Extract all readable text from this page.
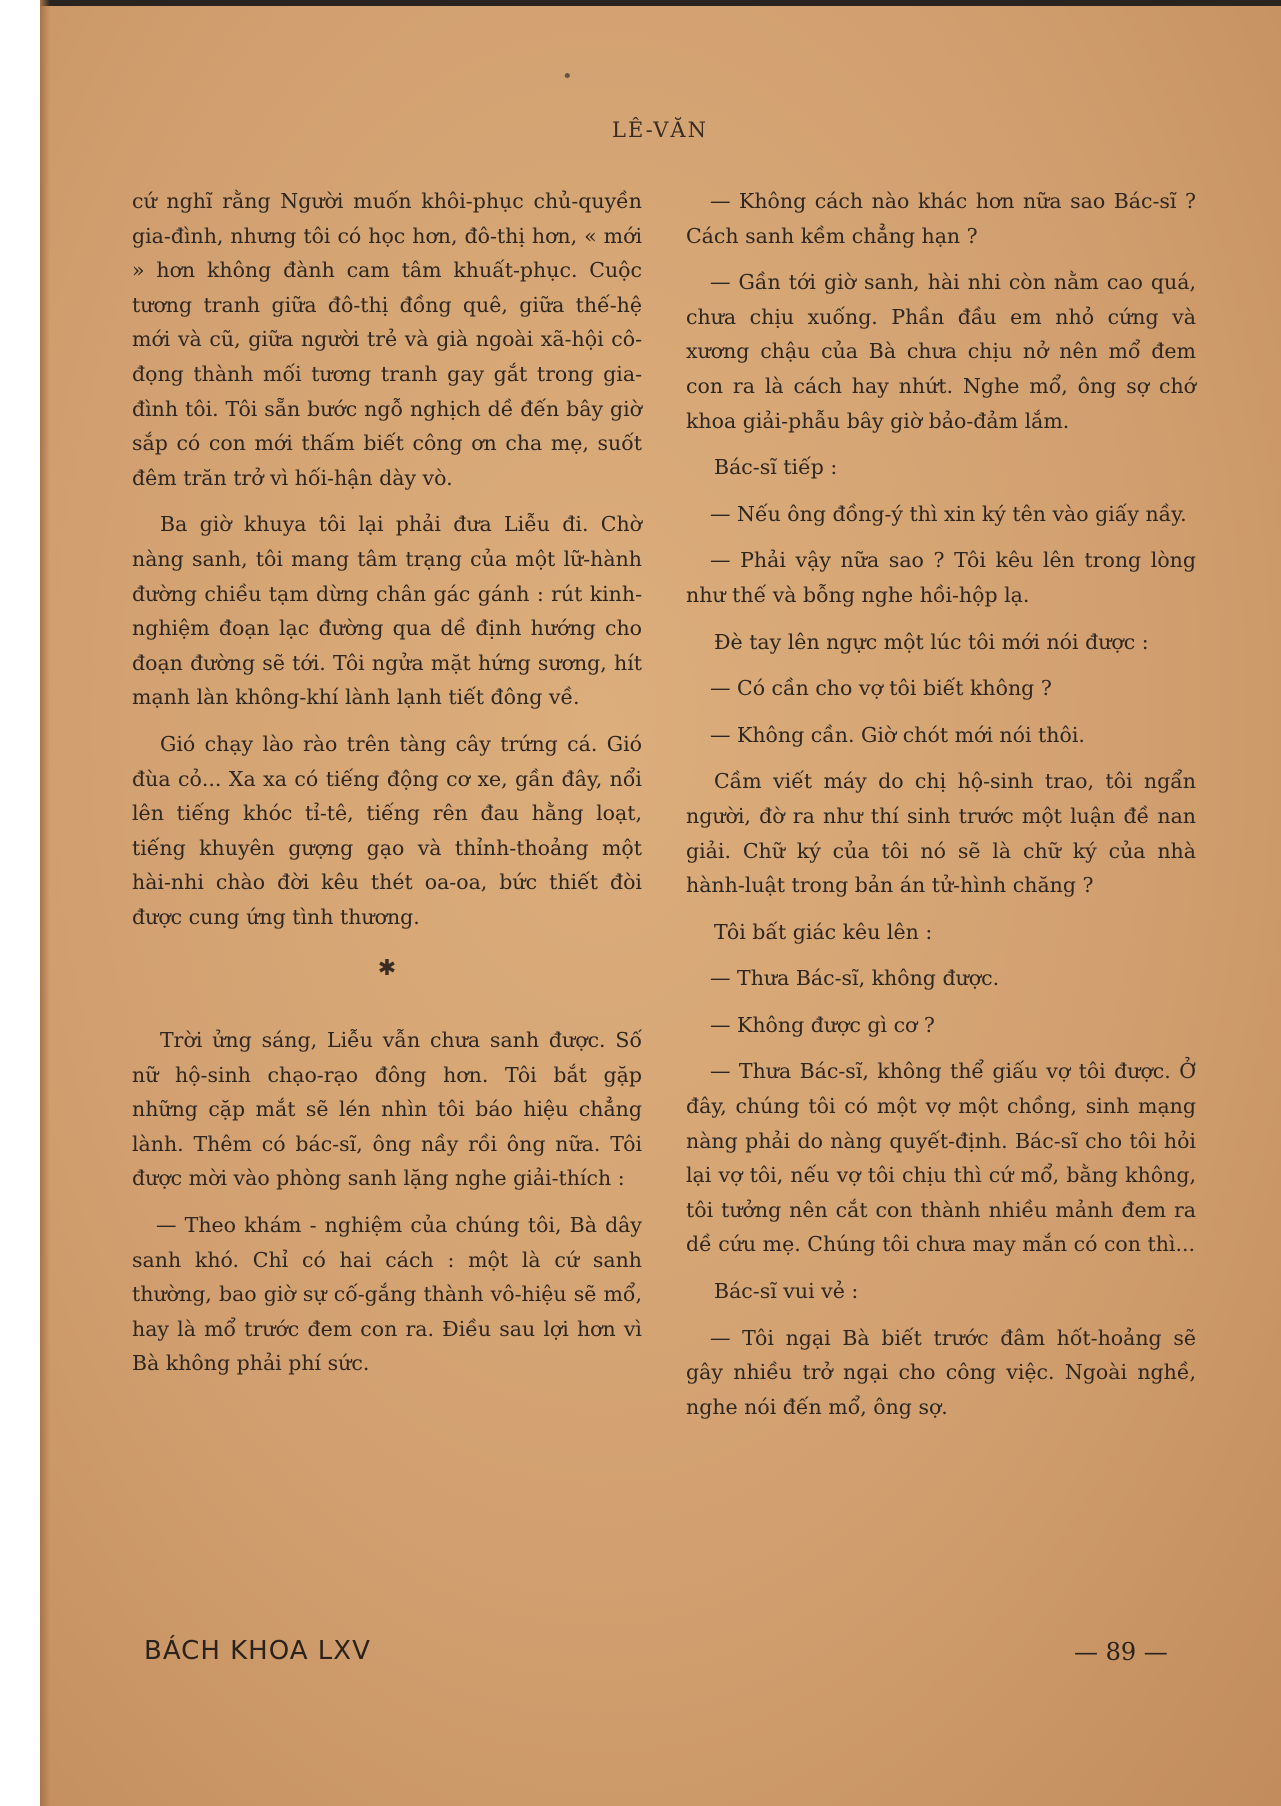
•
LÊ-VĂN

cứ nghĩ rằng Người muốn khôi-phục chủ-quyền gia-đình, nhưng tôi có học hơn, đô-thị hơn, « mới » hơn không đành cam tâm khuất-phục. Cuộc tương tranh giữa đô-thị đồng quê, giữa thế-hệ mới và cũ, giữa người trẻ và già ngoài xã-hội cô-đọng thành mối tương tranh gay gắt trong gia-đình tôi. Tôi sẵn bước ngỗ nghịch dề đến bây giờ sắp có con mới thấm biết công ơn cha mẹ, suốt đêm trăn trở vì hối-hận dày vò.

Ba giờ khuya tôi lại phải đưa Liễu đi. Chờ nàng sanh, tôi mang tâm trạng của một lữ-hành đường chiều tạm dừng chân gác gánh : rút kinh-nghiệm đoạn lạc đường qua dề định hướng cho đoạn đường sẽ tới. Tôi ngửa mặt hứng sương, hít mạnh làn không-khí lành lạnh tiết đông về.

Gió chạy lào rào trên tàng cây trứng cá. Gió đùa cỏ... Xa xa có tiếng động cơ xe, gần đây, nổi lên tiếng khóc tỉ-tê, tiếng rên đau hằng loạt, tiếng khuyên gượng gạo và thỉnh-thoảng một hài-nhi chào đời kêu thét oa-oa, bức thiết đòi được cung ứng tình thương.

✱

Trời ửng sáng, Liễu vẫn chưa sanh được. Số nữ hộ-sinh chạo-rạo đông hơn. Tôi bắt gặp những cặp mắt sẽ lén nhìn tôi báo hiệu chẳng lành. Thêm có bác-sĩ, ông nầy rồi ông nữa. Tôi được mời vào phòng sanh lặng nghe giải-thích :

— Theo khám - nghiệm của chúng tôi, Bà dây sanh khó. Chỉ có hai cách : một là cứ sanh thường, bao giờ sự cố-gắng thành vô-hiệu sẽ mổ, hay là mổ trước đem con ra. Điều sau lợi hơn vì Bà không phải phí sức.

— Không cách nào khác hơn nữa sao Bác-sĩ ? Cách sanh kềm chẳng hạn ?

— Gần tới giờ sanh, hài nhi còn nằm cao quá, chưa chịu xuống. Phần đầu em nhỏ cứng và xương chậu của Bà chưa chịu nở nên mổ đem con ra là cách hay nhứt. Nghe mổ, ông sợ chớ khoa giải-phẫu bây giờ bảo-đảm lắm.

Bác-sĩ tiếp :

— Nếu ông đồng-ý thì xin ký tên vào giấy nầy.

— Phải vậy nữa sao ? Tôi kêu lên trong lòng như thế và bỗng nghe hồi-hộp lạ.

Đè tay lên ngực một lúc tôi mới nói được :

— Có cần cho vợ tôi biết không ?

— Không cần. Giờ chót mới nói thôi.

Cầm viết máy do chị hộ-sinh trao, tôi ngẩn người, đờ ra như thí sinh trước một luận đề nan giải. Chữ ký của tôi nó sẽ là chữ ký của nhà hành-luật trong bản án tử-hình chăng ?

Tôi bất giác kêu lên :

— Thưa Bác-sĩ, không được.

— Không được gì cơ ?

— Thưa Bác-sĩ, không thể giấu vợ tôi được. Ở đây, chúng tôi có một vợ một chồng, sinh mạng nàng phải do nàng quyết-định. Bác-sĩ cho tôi hỏi lại vợ tôi, nếu vợ tôi chịu thì cứ mổ, bằng không, tôi tưởng nên cắt con thành nhiều mảnh đem ra dề cứu mẹ. Chúng tôi chưa may mắn có con thì...

Bác-sĩ vui vẻ :

— Tôi ngại Bà biết trước đâm hốt-hoảng sẽ gây nhiều trở ngại cho công việc. Ngoài nghề, nghe nói đến mổ, ông sợ.

BÁCH KHOA LXV	— 89 —
